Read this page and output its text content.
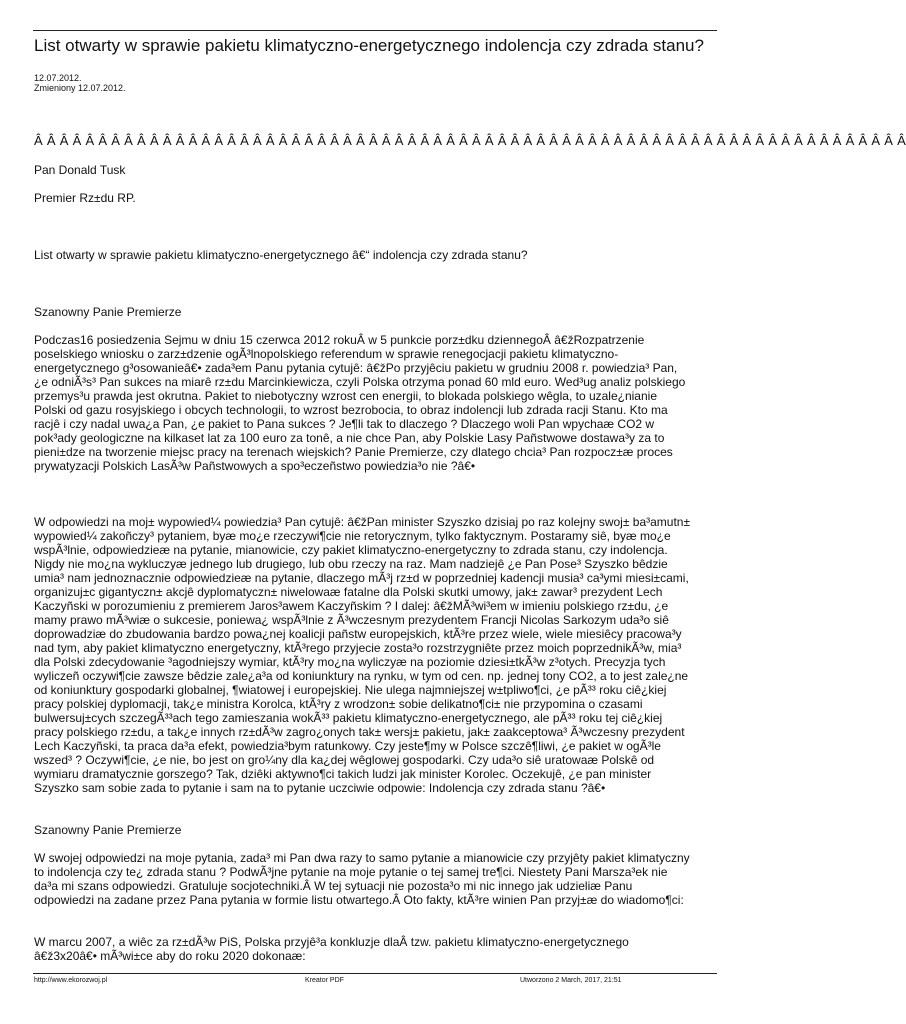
List otwarty w sprawie pakietu klimatyczno-energetycznego indolencja czy zdrada stanu?
12.07.2012.
Zmieniony 12.07.2012.
Â Â Â Â Â Â Â Â Â Â Â Â Â Â Â Â Â Â Â Â Â Â Â Â Â Â Â Â Â Â Â Â Â Â Â Â Â Â Â Â Â Â Â Â Â Â Â Â Â Â Â Â Â Â Â Â Â Â Â Â Â Â Â Â Â Â Â Â

Pan Donald Tusk

Premier Rz±du RP.

List otwarty w sprawie pakietu klimatyczno-energetycznego â€“ indolencja czy zdrada stanu?

Szanowny Panie Premierze

Podczas16 posiedzenia Sejmu w dniu 15 czerwca 2012 rokuÂ w 5 punkcie porz±dku dziennegoÂ â€žRozpatrzenie poselskiego wniosku o zarz±dzenie ogÃ³lnopolskiego referendum w sprawie renegocjacji pakietu klimatyczno-energetycznego g³osowanieâ€• zada³em Panu pytania cytujê: â€žPo przyjêciu pakietu w grudniu 2008 r. powiedzia³ Pan, ¿e odniÃ³s³ Pan sukces na miarê rz±du Marcinkiewicza, czyli Polska otrzyma ponad 60 mld euro. Wed³ug analiz polskiego przemys³u prawda jest okrutna. Pakiet to niebotyczny wzrost cen energii, to blokada polskiego wêgla, to uzale¿nianie Polski od gazu rosyjskiego i obcych technologii, to wzrost bezrobocia, to obraz indolencji lub zdrada racji Stanu. Kto ma racjê i czy nadal uwa¿a Pan, ¿e pakiet to Pana sukces ? Je¶li tak to dlaczego ? Dlaczego woli Pan wpychaæ CO2 w pok³ady geologiczne na kilkaset lat za 100 euro za tonê, a nie chce Pan, aby Polskie Lasy Pañstwowe dostawa³y za to pieni±dze na tworzenie miejsc pracy na terenach wiejskich? Panie Premierze, czy dlatego chcia³ Pan rozpocz±æ proces prywatyzacji Polskich LasÃ³w Pañstwowych a spo³eczeñstwo powiedzia³o nie ?â€•

W odpowiedzi na moj± wypowied¼ powiedzia³ Pan cytujê: â€žPan minister Szyszko dzisiaj po raz kolejny swoj± ba³amutn± wypowied¼ zakoñczy³ pytaniem, byæ mo¿e rzeczywi¶cie nie retorycznym, tylko faktycznym. Postaramy siê, byæ mo¿e wspÃ³lnie, odpowiedzieæ na pytanie, mianowicie, czy pakiet klimatyczno-energetyczny to zdrada stanu, czy indolencja. Nigdy nie mo¿na wykluczyæ jednego lub drugiego, lub obu rzeczy na raz. Mam nadziejê ¿e Pan Pose³ Szyszko bêdzie umia³ nam jednoznacznie odpowiedzieæ na pytanie, dlaczego mÃ³j rz±d w poprzedniej kadencji musia³ ca³ymi miesi±cami, organizuj±c gigantyczn± akcjê dyplomatyczn± niwelowaæ fatalne dla Polski skutki umowy, jak± zawar³ prezydent Lech Kaczyñski w porozumieniu z premierem Jaros³awem Kaczyñskim ? I dalej: â€žMÃ³wi³em w imieniu polskiego rz±du, ¿e mamy prawo mÃ³wiæ o sukcesie, poniewa¿ wspÃ³lnie z Ã³wczesnym prezydentem Francji Nicolas Sarkozym uda³o siê doprowadziæ do zbudowania bardzo powa¿nej koalicji pañstw europejskich, ktÃ³re przez wiele, wiele miesiêcy pracowa³y nad tym, aby pakiet klimatyczno energetyczny, ktÃ³rego przyjecie zosta³o rozstrzygniête przez moich poprzednikÃ³w, mia³ dla Polski zdecydowanie ³agodniejszy wymiar, ktÃ³ry mo¿na wyliczyæ na poziomie dziesi±tkÃ³w z³otych. Precyzja tych wyliczeñ oczywi¶cie zawsze bêdzie zale¿a³a od koniunktury na rynku, w tym od cen. np. jednej tony CO2, a to jest zale¿ne od koniunktury gospodarki globalnej, ¶wiatowej i europejskiej. Nie ulega najmniejszej w±tpliwo¶ci, ¿e pÃ³³ roku ciê¿kiej pracy polskiej dyplomacji, tak¿e ministra Korolca, ktÃ³ry z wrodzon± sobie delikatno¶ci± nie przypomina o czasami bulwersuj±cych szczegÃ³³ach tego zamieszania wokÃ³³ pakietu klimatyczno-energetycznego, ale pÃ³³ roku tej ciê¿kiej pracy polskiego rz±du, a tak¿e innych rz±dÃ³w zagro¿onych tak± wersj± pakietu, jak± zaakceptowa³ Ã³wczesny prezydent Lech Kaczyñski, ta praca da³a efekt, powiedzia³bym ratunkowy. Czy jeste¶my w Polsce szczê¶liwi, ¿e pakiet w ogÃ³le wszed³ ? Oczywi¶cie, ¿e nie, bo jest on gro¼ny dla ka¿dej wêglowej gospodarki. Czy uda³o siê uratowaæ Polskê od wymiaru dramatycznie gorszego? Tak, dziêki aktywno¶ci takich ludzi jak minister Korolec. Oczekujê, ¿e pan minister Szyszko sam sobie zada to pytanie i sam na to pytanie uczciwie odpowie: Indolencja czy zdrada stanu ?â€•

Szanowny Panie Premierze

W swojej odpowiedzi na moje pytania, zada³ mi Pan dwa razy to samo pytanie a mianowicie czy przyjêty pakiet klimatyczny to indolencja czy te¿ zdrada stanu ? PodwÃ³jne pytanie na moje pytanie o tej samej tre¶ci. Niestety Pani Marsza³ek nie da³a mi szans odpowiedzi. Gratuluje socjotechniki.Â W tej sytuacji nie pozosta³o mi nic innego jak udzieliæ Panu odpowiedzi na zadane przez Pana pytania w formie listu otwartego.Â Oto fakty, ktÃ³re winien Pan przyj±æ do wiadomo¶ci:

W marcu 2007, a wiêc za rz±dÃ³w PiS, Polska przyjê³a konkluzje dlaÂ tzw. pakietu klimatyczno-energetycznego â€ž3x20â€• mÃ³wi±ce aby do roku 2020 dokonaæ:

http://www.ekorozwoj.pl	Kreator PDF	Utworzono 2 March, 2017, 21:51
